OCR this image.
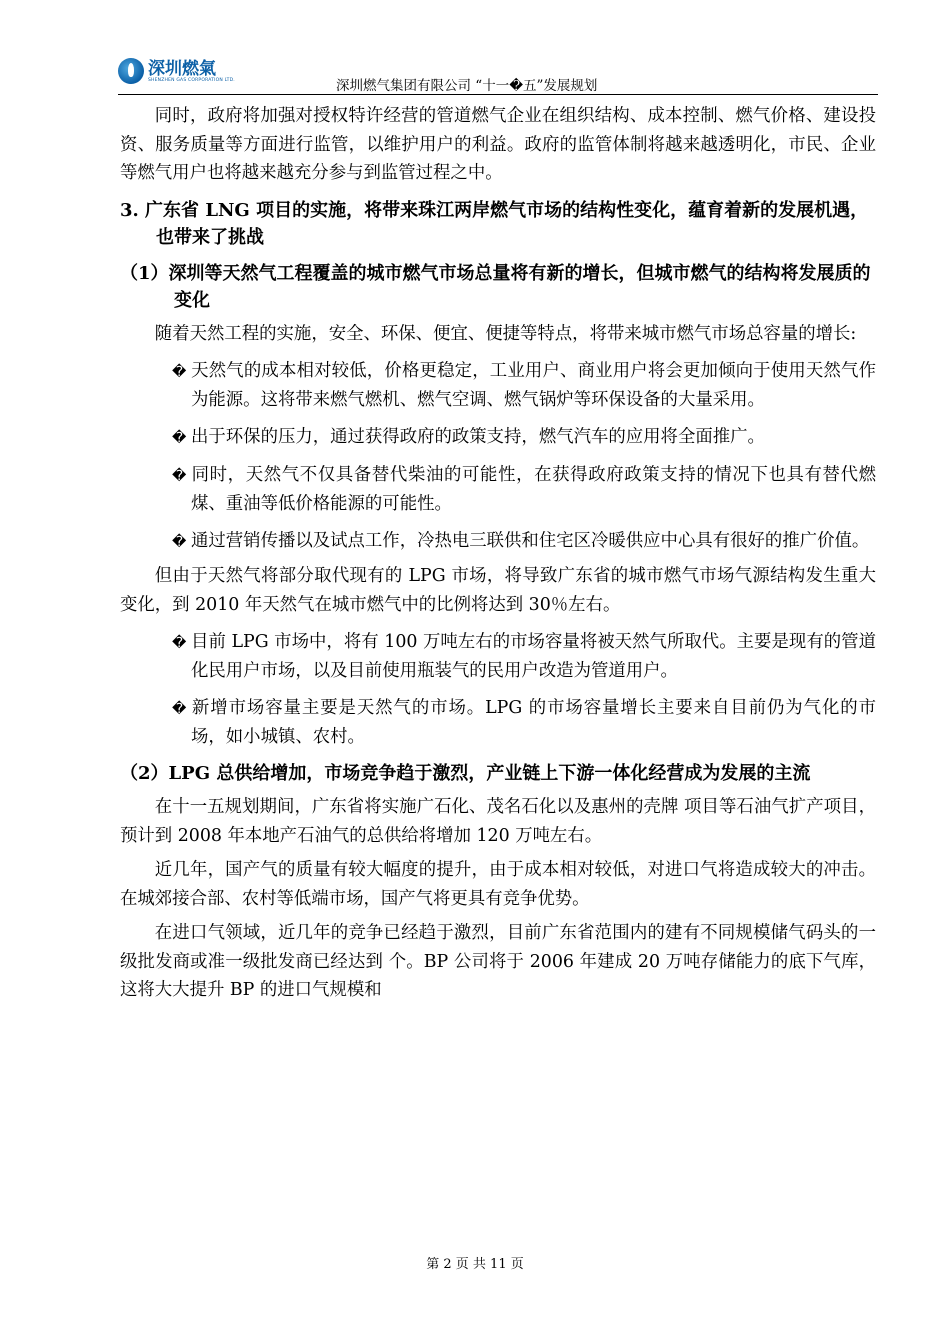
深圳燃氣
SHENZHEN GAS CORPORATION LTD.	深圳燃气集团有限公司 “十一�五”发展规划

同时，政府将加强对授权特许经营的管道燃气企业在组织结构、成本控制、燃气价格、建设投资、服务质量等方面进行监管，以维护用户的利益。政府的监管体制将越来越透明化，市民、企业等燃气用户也将越来越充分参与到监管过程之中。

3. 广东省 LNG 项目的实施，将带来珠江两岸燃气市场的结构性变化，蕴育着新的发展机遇，也带来了挑战
（1）深圳等天然气工程覆盖的城市燃气市场总量将有新的增长，但城市燃气的结构将发展质的变化

随着天然工程的实施，安全、环保、便宜、便捷等特点，将带来城市燃气市场总容量的增长:

� 天然气的成本相对较低，价格更稳定，工业用户、商业用户将会更加倾向于使用天然气作为能源。这将带来燃气燃机、燃气空调、燃气锅炉等环保设备的大量采用。
� 出于环保的压力，通过获得政府的政策支持，燃气汽车的应用将全面推广。
� 同时，天然气不仅具备替代柴油的可能性，在获得政府政策支持的情况下也具有替代燃煤、重油等低价格能源的可能性。
� 通过营销传播以及试点工作，冷热电三联供和住宅区冷暖供应中心具有很好的推广价值。

但由于天然气将部分取代现有的 LPG 市场，将导致广东省的城市燃气市场气源结构发生重大变化，到 2010 年天然气在城市燃气中的比例将达到 30％左右。

� 目前 LPG 市场中，将有 100 万吨左右的市场容量将被天然气所取代。主要是现有的管道化民用户市场，以及目前使用瓶装气的民用户改造为管道用户。
� 新增市场容量主要是天然气的市场。LPG 的市场容量增长主要来自目前仍为气化的市场，如小城镇、农村。
（2）LPG 总供给增加，市场竞争趋于激烈，产业链上下游一体化经营成为发展的主流

在十一五规划期间，广东省将实施广石化、茂名石化以及惠州的壳牌 项目等石油气扩产项目，预计到 2008 年本地产石油气的总供给将增加 120 万吨左右。

近几年，国产气的质量有较大幅度的提升，由于成本相对较低，对进口气将造成较大的冲击。在城郊接合部、农村等低端市场，国产气将更具有竞争优势。

在进口气领域，近几年的竞争已经趋于激烈，目前广东省范围内的建有不同规模储气码头的一级批发商或准一级批发商已经达到 个。BP 公司将于 2006 年建成 20 万吨存储能力的底下气库，这将大大提升 BP 的进口气规模和

第 2 页 共 11 页
